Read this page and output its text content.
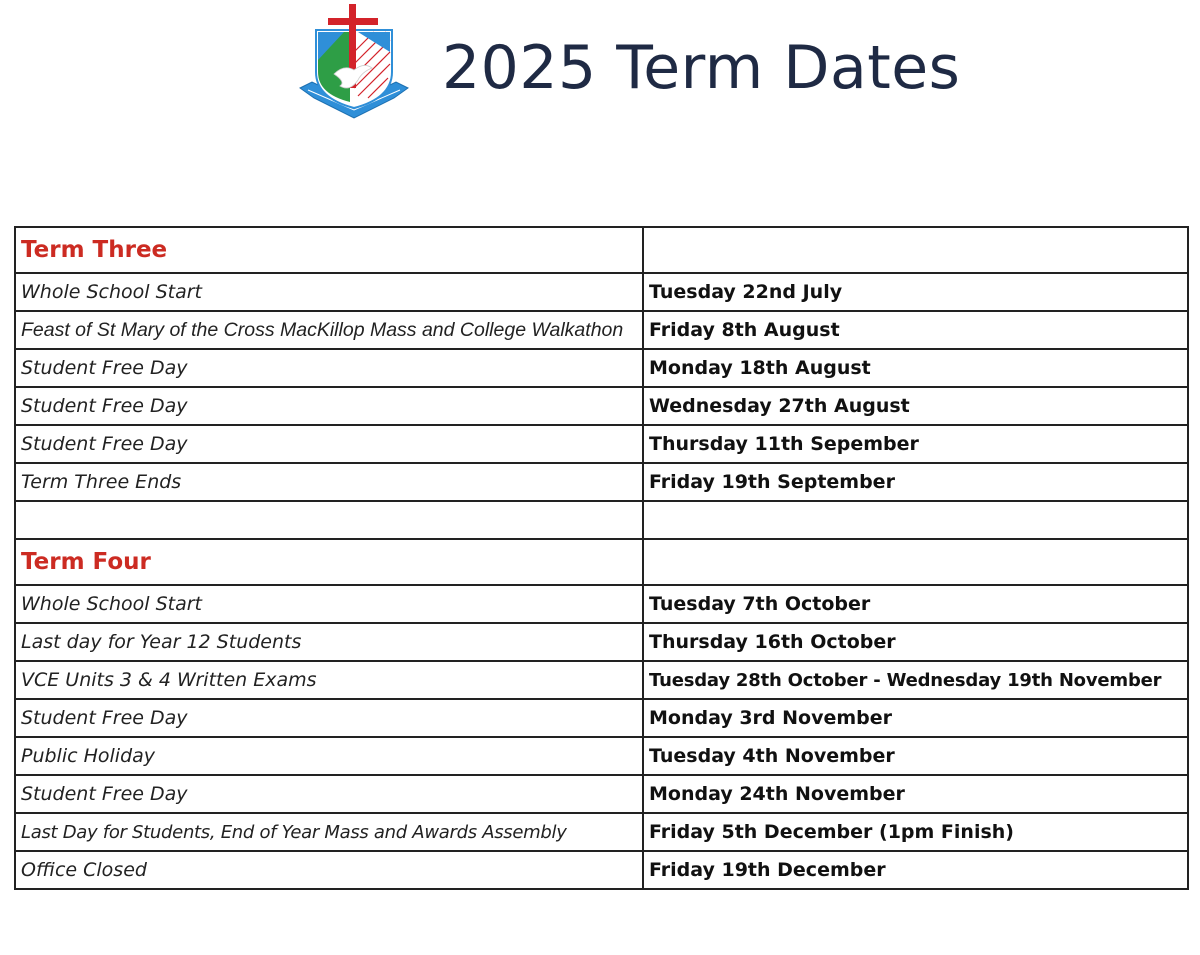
2025 Term Dates
Term Three	
Whole School Start	Tuesday 22nd July
Feast of St Mary of the Cross MacKillop Mass and College Walkathon	Friday 8th August
Student Free Day	Monday 18th August
Student Free Day	Wednesday 27th August
Student Free Day	Thursday 11th Sepember
Term Three Ends	Friday 19th September

Term Four	
Whole School Start	Tuesday 7th October
Last day for Year 12 Students	Thursday 16th October
VCE Units 3 & 4 Written Exams	Tuesday 28th October - Wednesday 19th November
Student Free Day	Monday 3rd November
Public Holiday	Tuesday 4th November
Student Free Day	Monday 24th November
Last Day for Students, End of Year Mass and Awards Assembly	Friday 5th December (1pm Finish)
Office Closed	Friday 19th December
